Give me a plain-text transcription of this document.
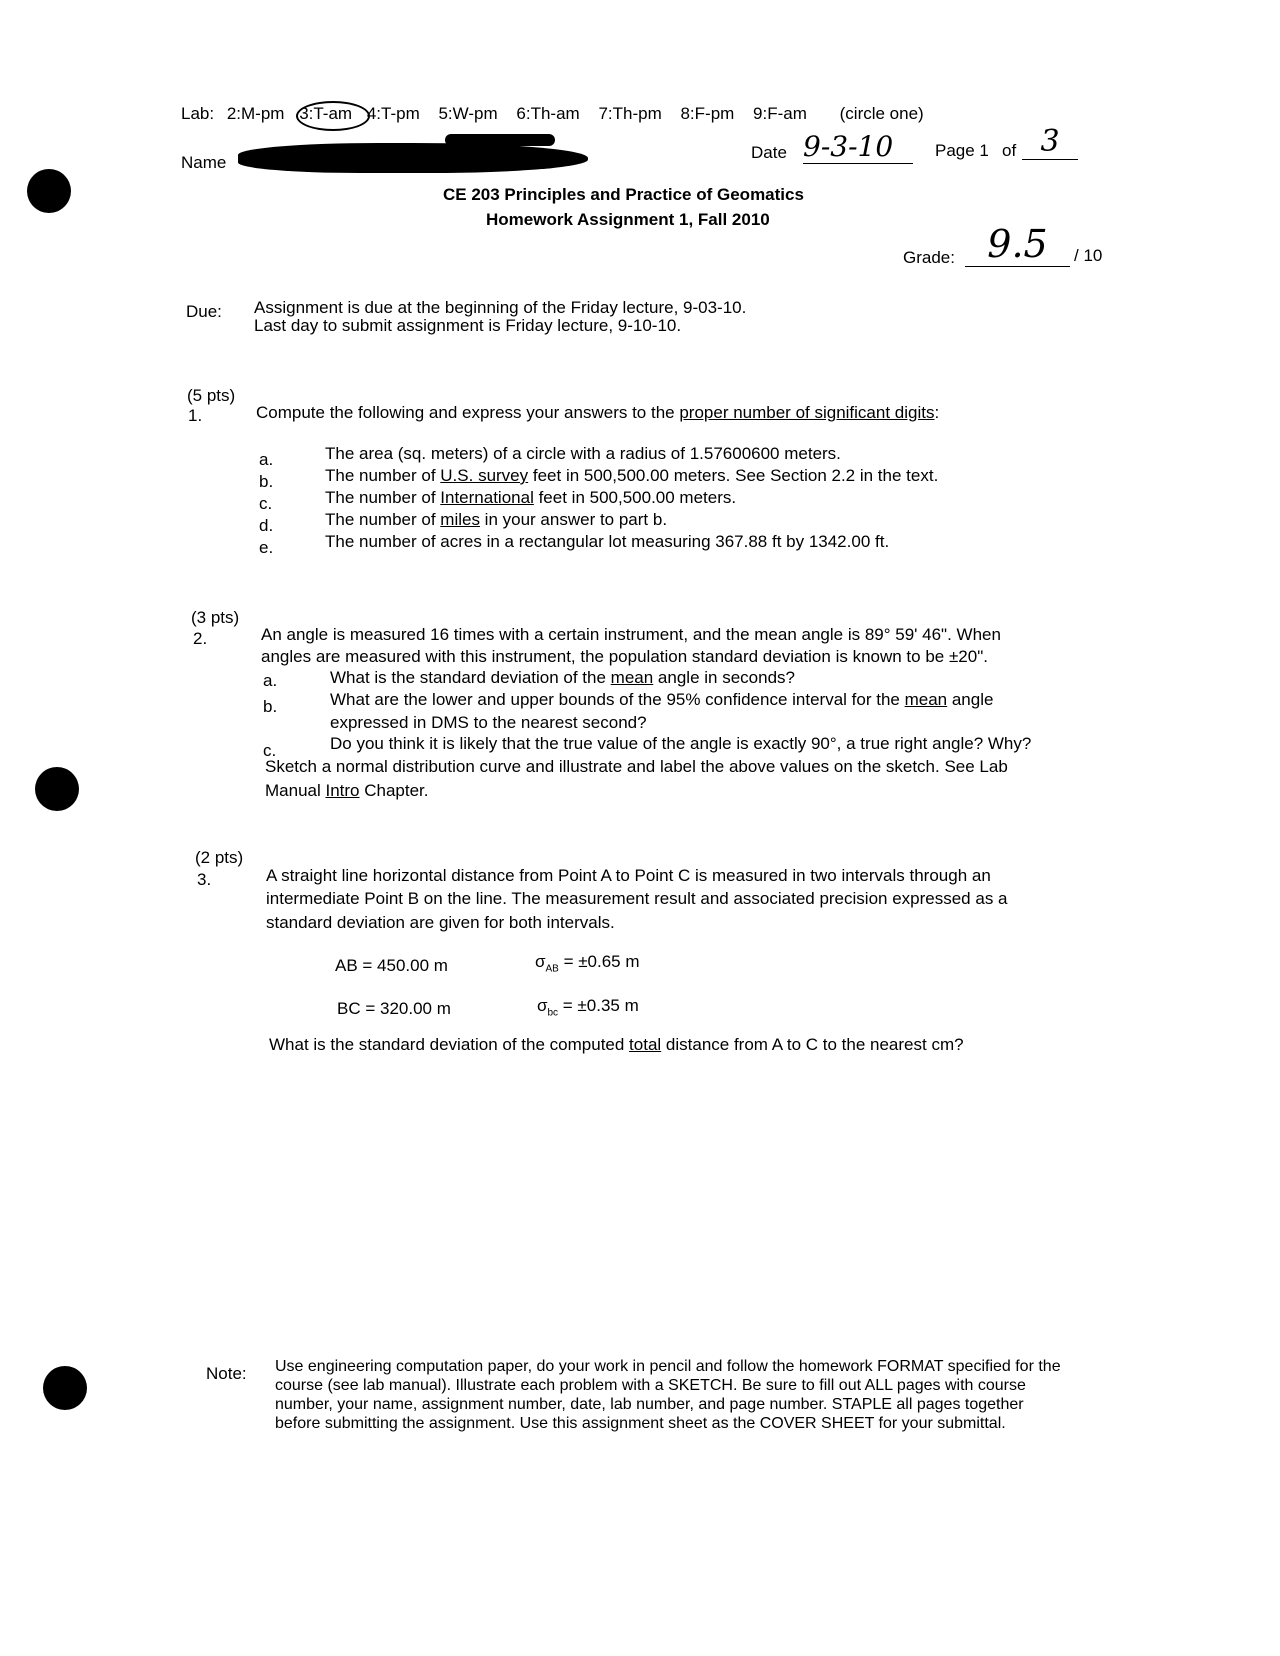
Lab: 2:M-pm 3:T-am 4:T-pm 5:W-pm 6:Th-am 7:Th-pm 8:F-pm 9:F-am (circle one)
Name
Date 9-3-10	Page 1 of 3
CE 203 Principles and Practice of Geomatics
Homework Assignment 1, Fall 2010
Grade: 9.5	/ 10
Due: Assignment is due at the beginning of the Friday lecture, 9-03-10.
Last day to submit assignment is Friday lecture, 9-10-10.
(5 pts)
1.	Compute the following and express your answers to the proper number of significant digits:
a.	The area (sq. meters) of a circle with a radius of 1.57600600 meters.
b.	The number of U.S. survey feet in 500,500.00 meters. See Section 2.2 in the text.
c.	The number of International feet in 500,500.00 meters.
d.	The number of miles in your answer to part b.
e.	The number of acres in a rectangular lot measuring 367.88 ft by 1342.00 ft.
(3 pts)
2.	An angle is measured 16 times with a certain instrument, and the mean angle is 89° 59' 46". When
angles are measured with this instrument, the population standard deviation is known to be ±20".
a.	What is the standard deviation of the mean angle in seconds?
b.	What are the lower and upper bounds of the 95% confidence interval for the mean angle
expressed in DMS to the nearest second?
c.	Do you think it is likely that the true value of the angle is exactly 90°, a true right angle? Why?
Sketch a normal distribution curve and illustrate and label the above values on the sketch. See Lab
Manual Intro Chapter.
(2 pts)
3.	A straight line horizontal distance from Point A to Point C is measured in two intervals through an
intermediate Point B on the line. The measurement result and associated precision expressed as a
standard deviation are given for both intervals.
AB = 450.00 m	$\sigma_{AB} = \pm 0.65$ m
BC = 320.00 m	$\sigma_{bc} = \pm 0.35$ m
What is the standard deviation of the computed total distance from A to C to the nearest cm?
Note: Use engineering computation paper, do your work in pencil and follow the homework FORMAT specified for the
course (see lab manual). Illustrate each problem with a SKETCH. Be sure to fill out ALL pages with course
number, your name, assignment number, date, lab number, and page number. STAPLE all pages together
before submitting the assignment. Use this assignment sheet as the COVER SHEET for your submittal.
